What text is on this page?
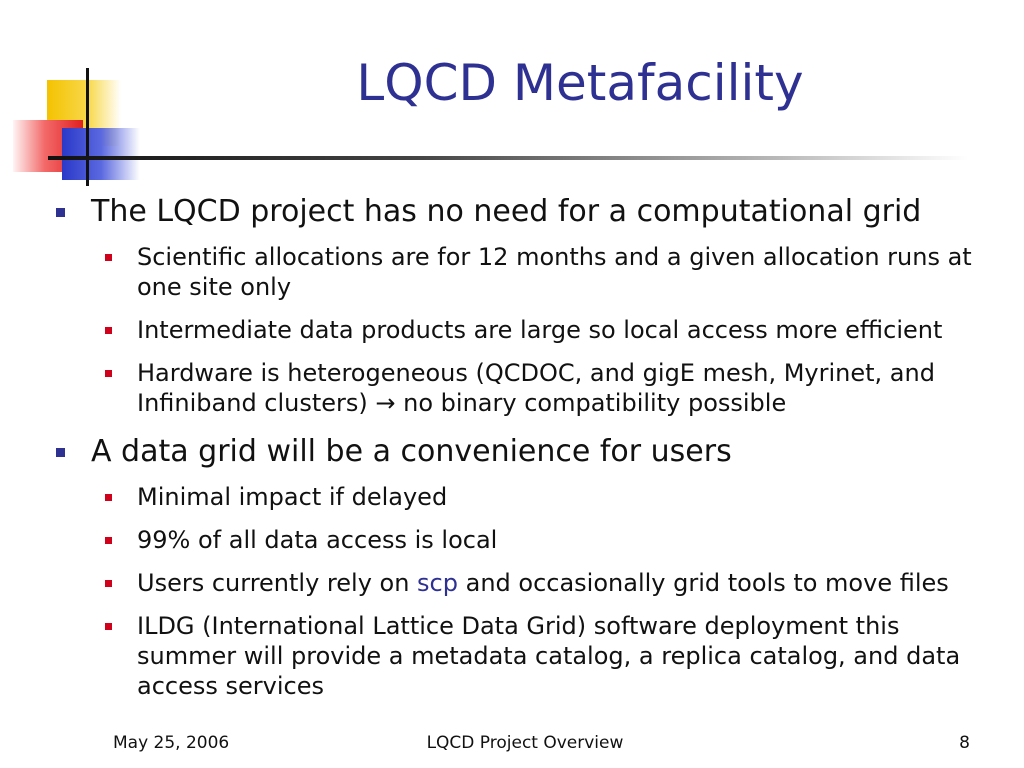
LQCD Metafacility
The LQCD project has no need for a computational grid
Scientific allocations are for 12 months and a given allocation runs at one site only
Intermediate data products are large so local access more efficient
Hardware is heterogeneous (QCDOC, and gigE mesh, Myrinet, and Infiniband clusters) → no binary compatibility possible
A data grid will be a convenience for users
Minimal impact if delayed
99% of all data access is local
Users currently rely on scp and occasionally grid tools to move files
ILDG (International Lattice Data Grid) software deployment this summer will provide a metadata catalog, a replica catalog, and data access services
May 25, 2006	LQCD Project Overview	8
